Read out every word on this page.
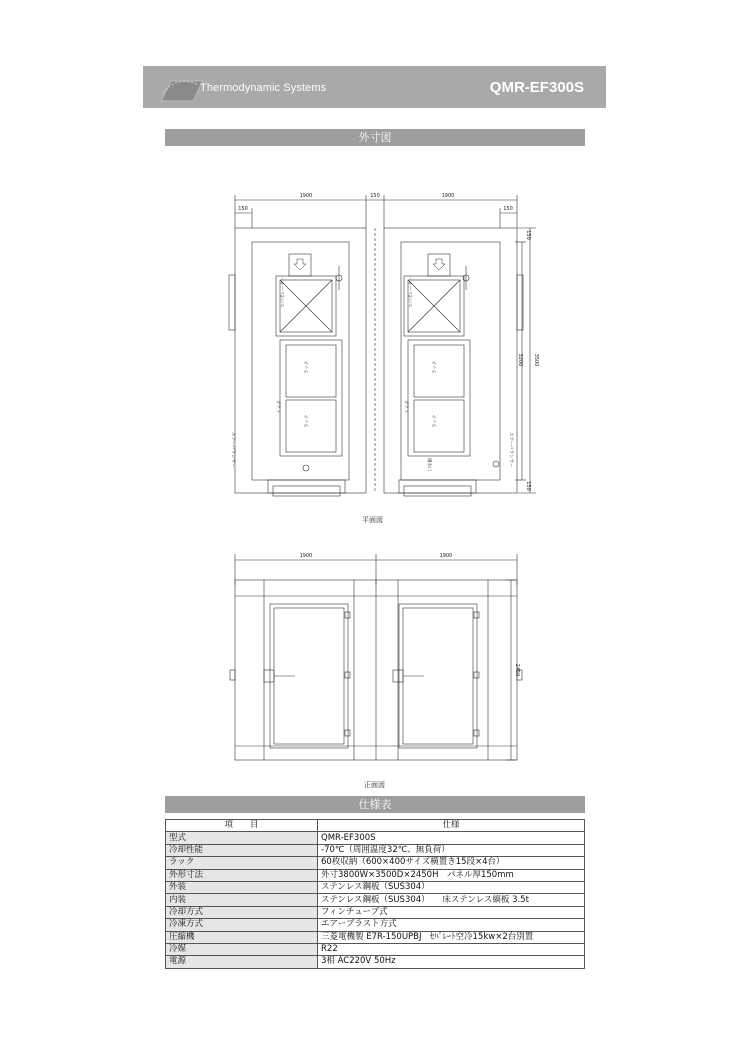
Thermodynamic Systems	QMR-EF300S
外寸図
1900	150	1900
150	150
1900	1900
150
3200 3500
150
2450
エバポレーター	エバポレーター
ラック
ラック
ラック
ラック
ダクト	ダクト
エアーバランサー	エアーバランサー
排水口
平面図
正面図
仕様表
項　　目	仕様
型式	QMR-EF300S
冷却性能	-70℃（周囲温度32℃、無負荷）
ラック	60枚収納（600×400サイズ横置き15段×4台）
外形寸法	外寸3800W×3500D×2450H　パネル厚150mm
外装	ステンレス鋼板（SUS304）
内装	ステンレス鋼板（SUS304）　　床ステンレス縞板 3.5t
冷却方式	フィンチューブ式
冷凍方式	エアーブラスト方式
圧縮機	三菱電機製 E7R-150UPBJ　ｾﾊﾟﾚｰﾄ空冷15kw×2台別置
冷媒	R22
電源	3相 AC220V 50Hz
